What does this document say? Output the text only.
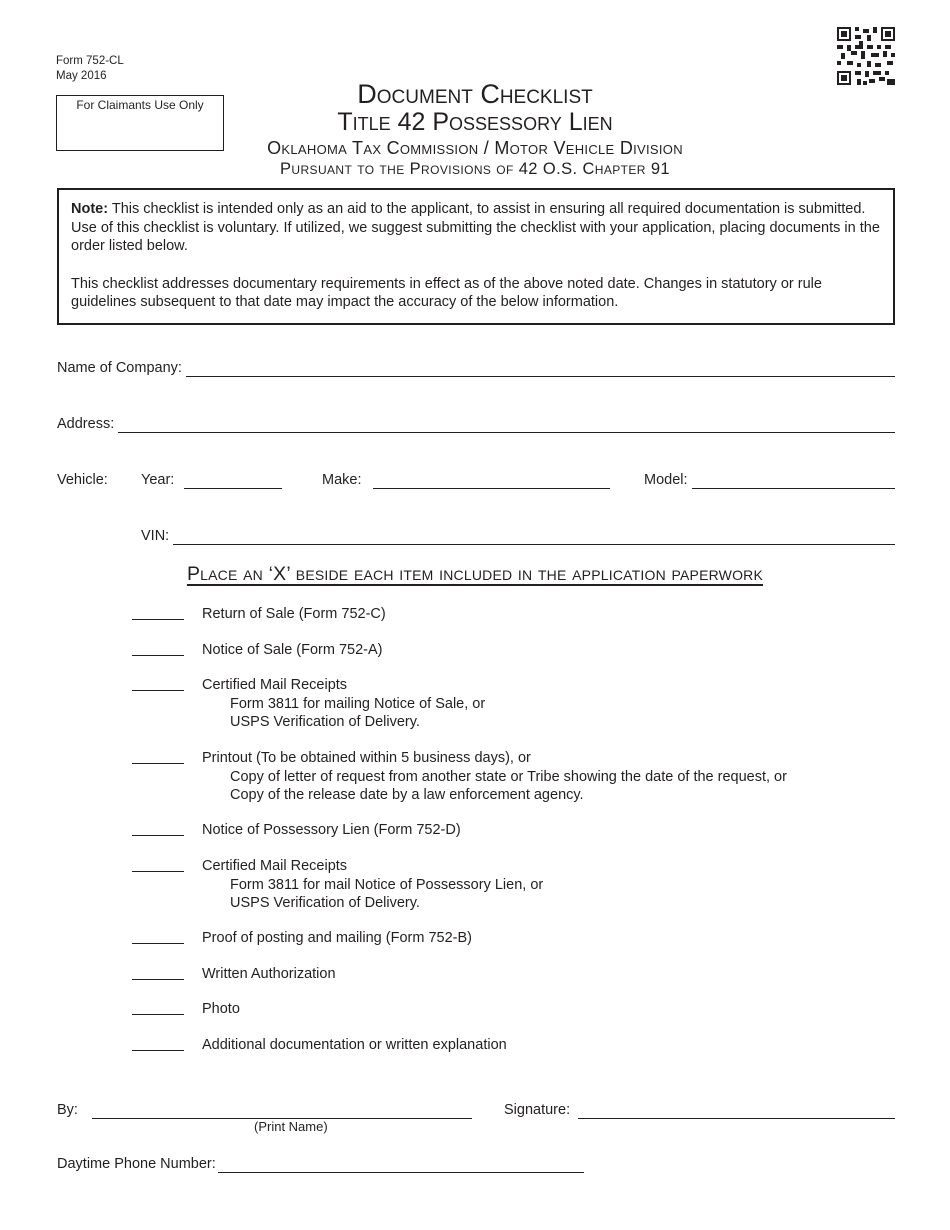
Form 752-CL
May 2016
For Claimants Use Only	Document Checklist
Title 42 Possessory Lien
Oklahoma Tax Commission / Motor Vehicle Division
Pursuant to the Provisions of 42 O.S. Chapter 91

Note: This checklist is intended only as an aid to the applicant, to assist in ensuring all required documentation is submitted. Use of this checklist is voluntary. If utilized, we suggest submitting the checklist with your application, placing documents in the order listed below.

This checklist addresses documentary requirements in effect as of the above noted date. Changes in statutory or rule guidelines subsequent to that date may impact the accuracy of the below information.

Name of Company:
Address:
Vehicle: Year:	Make:	Model:
VIN:
Place an ‘X’ beside each item included in the application paperwork
Return of Sale (Form 752-C)
Notice of Sale (Form 752-A)
Certified Mail Receipts
Form 3811 for mailing Notice of Sale, or
USPS Verification of Delivery.
Printout (To be obtained within 5 business days), or
Copy of letter of request from another state or Tribe showing the date of the request, or
Copy of the release date by a law enforcement agency.
Notice of Possessory Lien (Form 752-D)
Certified Mail Receipts
Form 3811 for mail Notice of Possessory Lien, or
USPS Verification of Delivery.
Proof of posting and mailing (Form 752-B)
Written Authorization
Photo
Additional documentation or written explanation
By:
(Print Name)
Signature:
Daytime Phone Number:
